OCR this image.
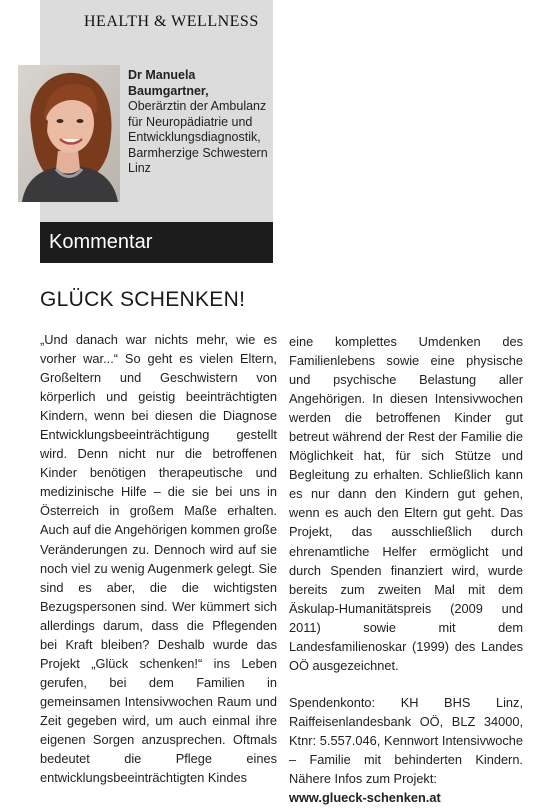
HEALTH & WELLNESS
Dr Manuela Baumgartner,
Oberärztin der Ambulanz für Neuropädiatrie und Entwicklungsdiagnostik, Barmherzige Schwestern Linz
Kommentar
GLÜCK SCHENKEN!

„Und danach war nichts mehr, wie es vorher war...“ So geht es vielen Eltern, Großeltern und Geschwistern von körperlich und geistig beeinträchtigten Kindern, wenn bei diesen die Diagnose Entwicklungsbeeinträchtigung gestellt wird. Denn nicht nur die betroffenen Kinder benötigen therapeutische und medizinische Hilfe – die sie bei uns in Österreich in großem Maße erhalten. Auch auf die Angehörigen kommen große Veränderungen zu. Dennoch wird auf sie noch viel zu wenig Augenmerk gelegt. Sie sind es aber, die die wichtigsten Bezugspersonen sind. Wer kümmert sich allerdings darum, dass die Pflegenden bei Kraft bleiben? Deshalb wurde das Projekt „Glück schenken!“ ins Leben gerufen, bei dem Familien in gemeinsamen Intensivwochen Raum und Zeit gegeben wird, um auch einmal ihre eigenen Sorgen anzusprechen. Oftmals bedeutet die Pflege eines entwicklungsbeeinträchtigten Kindes

eine komplettes Umdenken des Familienlebens sowie eine physische und psychische Belastung aller Angehörigen. In diesen Intensivwochen werden die betroffenen Kinder gut betreut während der Rest der Familie die Möglichkeit hat, für sich Stütze und Begleitung zu erhalten. Schließlich kann es nur dann den Kindern gut gehen, wenn es auch den Eltern gut geht. Das Projekt, das ausschließlich durch ehrenamtliche Helfer ermöglicht und durch Spenden finanziert wird, wurde bereits zum zweiten Mal mit dem Äskulap-Humanitätspreis (2009 und 2011) sowie mit dem Landesfamilienoskar (1999) des Landes OÖ ausgezeichnet.

Spendenkonto: KH BHS Linz, Raiffeisenlandesbank OÖ, BLZ 34000, Ktnr: 5.557.046, Kennwort Intensivwoche – Familie mit behinderten Kindern. Nähere Infos zum Projekt:

www.glueck-schenken.at
